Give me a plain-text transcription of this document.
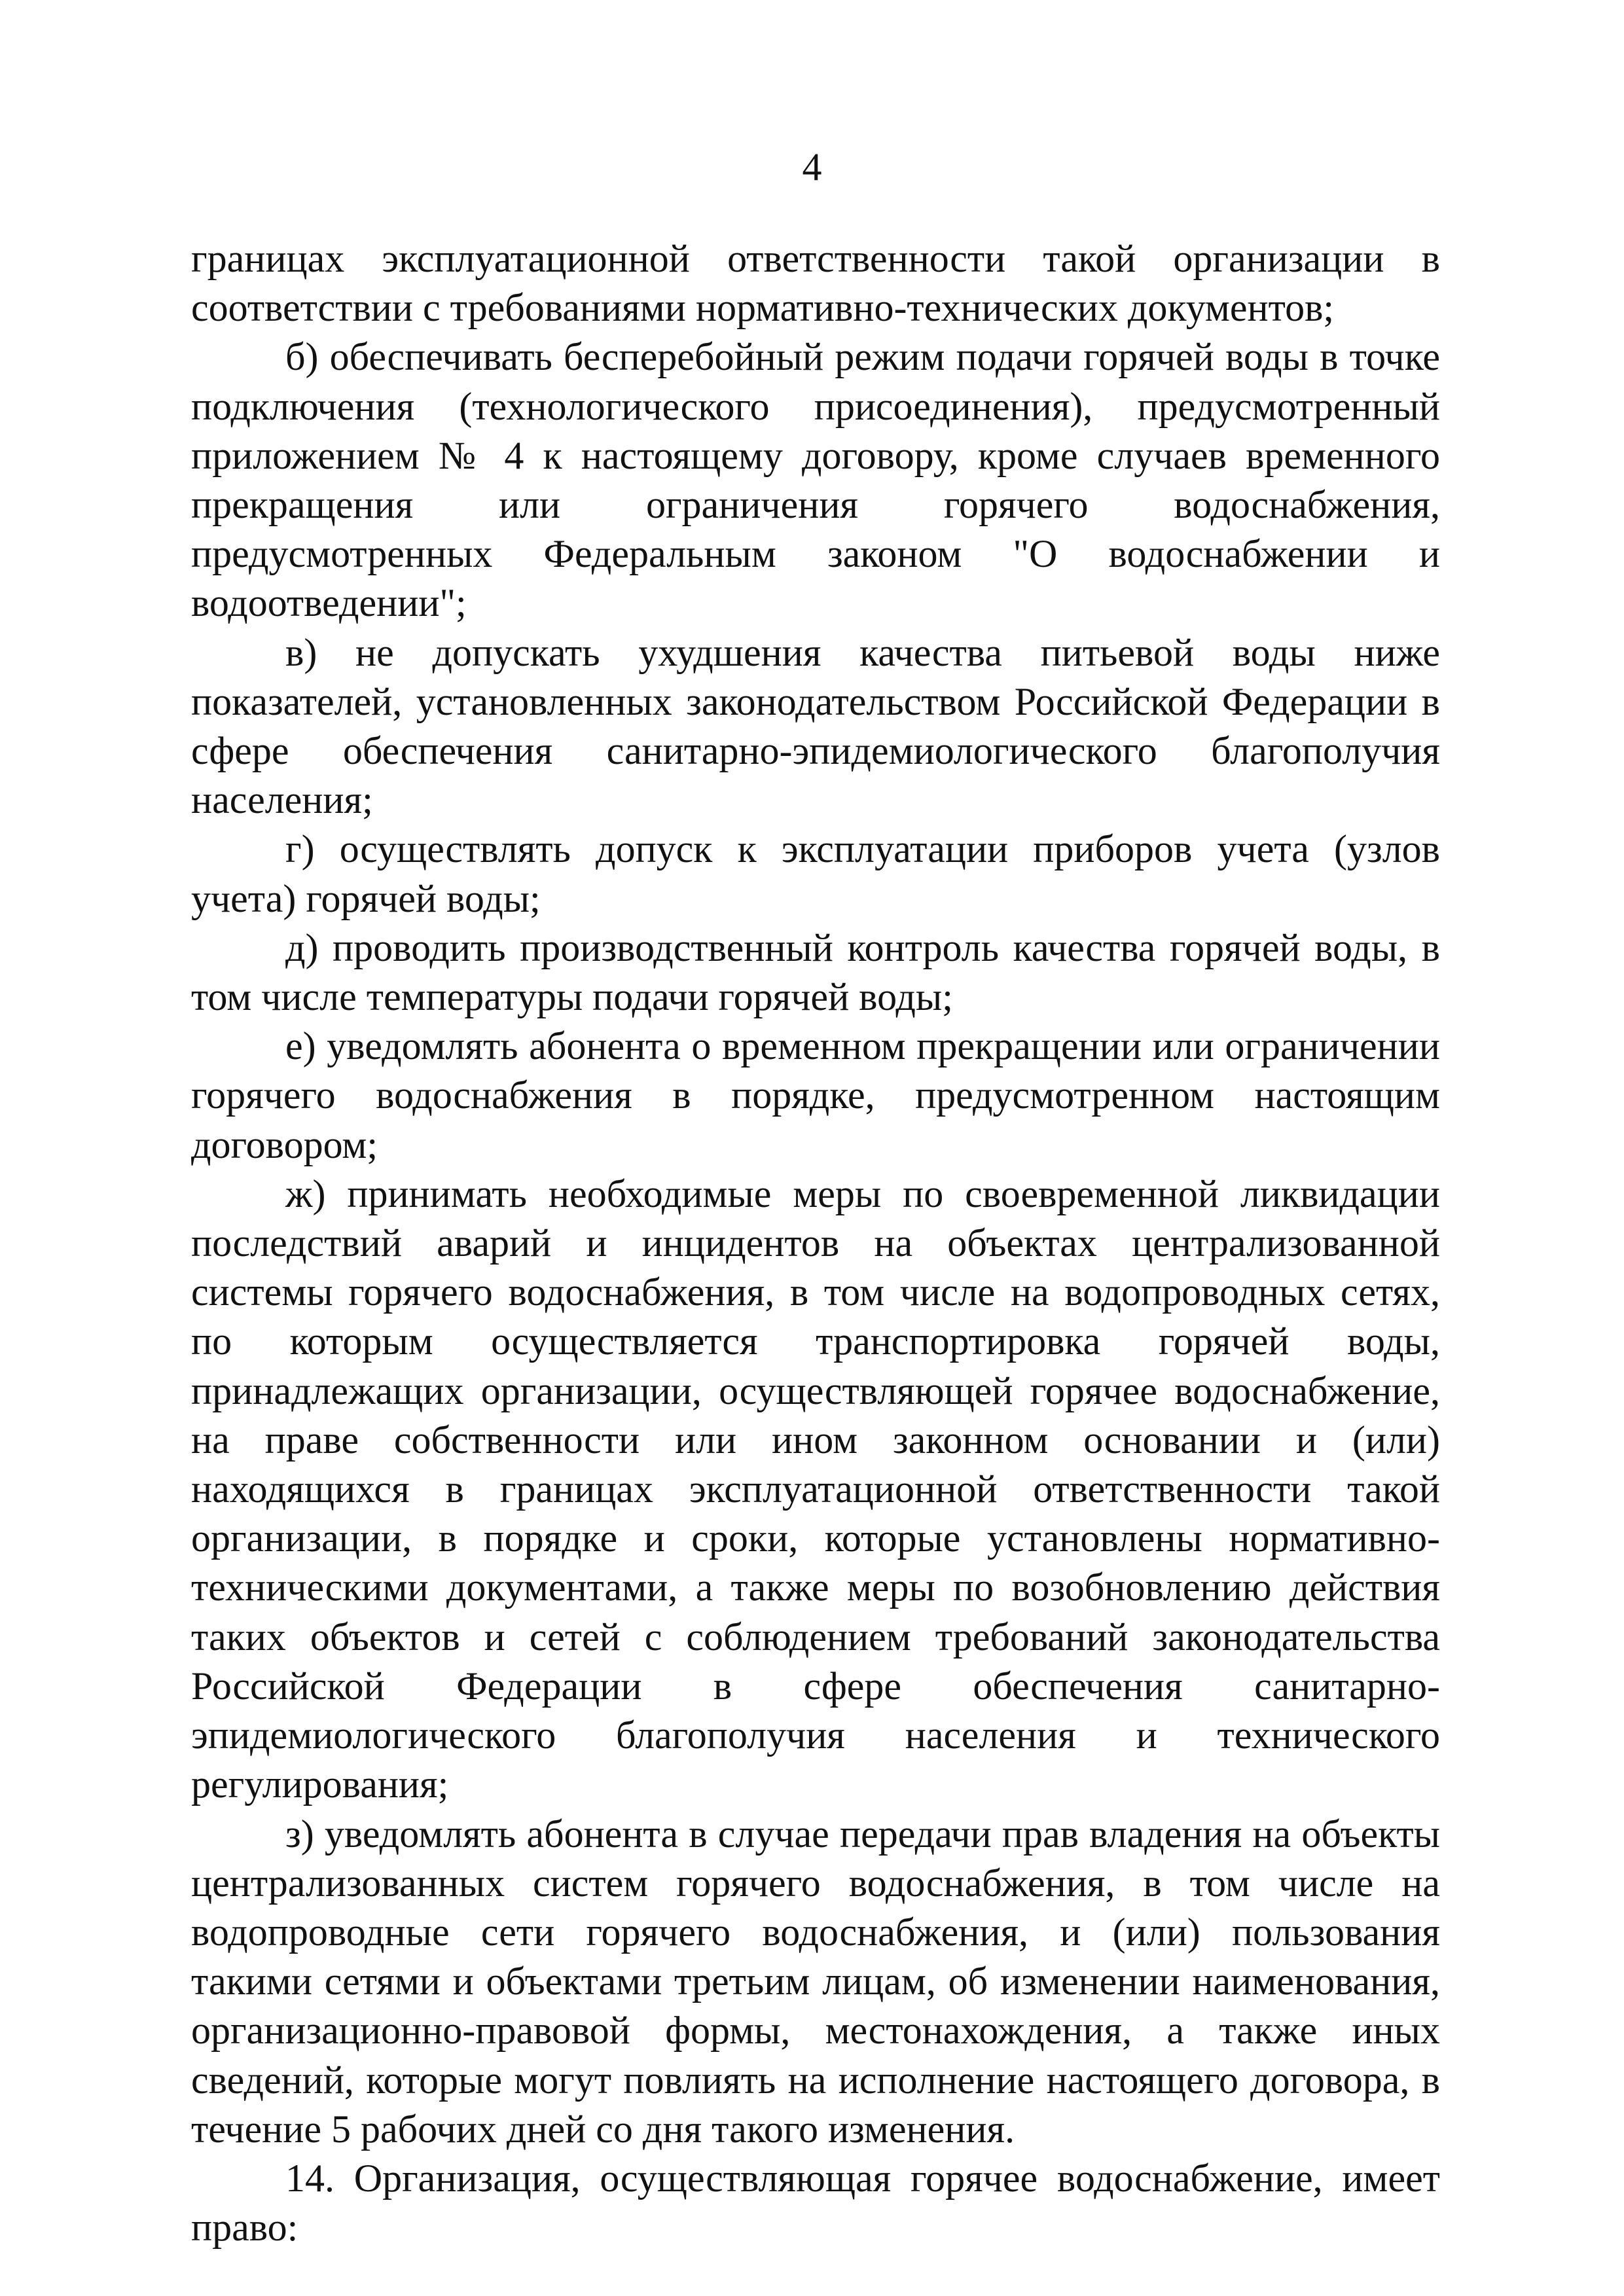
4

границах эксплуатационной ответственности такой организации в соответствии с требованиями нормативно-технических документов;

б) обеспечивать бесперебойный режим подачи горячей воды в точке подключения (технологического присоединения), предусмотренный приложением № 4 к настоящему договору, кроме случаев временного прекращения или ограничения горячего водоснабжения, предусмотренных Федеральным законом "О водоснабжении и водоотведении";

в) не допускать ухудшения качества питьевой воды ниже показателей, установленных законодательством Российской Федерации в сфере обеспечения санитарно-эпидемиологического благополучия населения;

г) осуществлять допуск к эксплуатации приборов учета (узлов учета) горячей воды;

д) проводить производственный контроль качества горячей воды, в том числе температуры подачи горячей воды;

е) уведомлять абонента о временном прекращении или ограничении горячего водоснабжения в порядке, предусмотренном настоящим договором;

ж) принимать необходимые меры по своевременной ликвидации последствий аварий и инцидентов на объектах централизованной системы горячего водоснабжения, в том числе на водопроводных сетях, по которым осуществляется транспортировка горячей воды, принадлежащих организации, осуществляющей горячее водоснабжение, на праве собственности или ином законном основании и (или) находящихся в границах эксплуатационной ответственности такой организации, в порядке и сроки, которые установлены нормативно-техническими документами, а также меры по возобновлению действия таких объектов и сетей с соблюдением требований законодательства Российской Федерации в сфере обеспечения санитарно-эпидемиологического благополучия населения и технического регулирования;

з) уведомлять абонента в случае передачи прав владения на объекты централизованных систем горячего водоснабжения, в том числе на водопроводные сети горячего водоснабжения, и (или) пользования такими сетями и объектами третьим лицам, об изменении наименования, организационно-правовой формы, местонахождения, а также иных сведений, которые могут повлиять на исполнение настоящего договора, в течение 5 рабочих дней со дня такого изменения.

14. Организация, осуществляющая горячее водоснабжение, имеет право:
